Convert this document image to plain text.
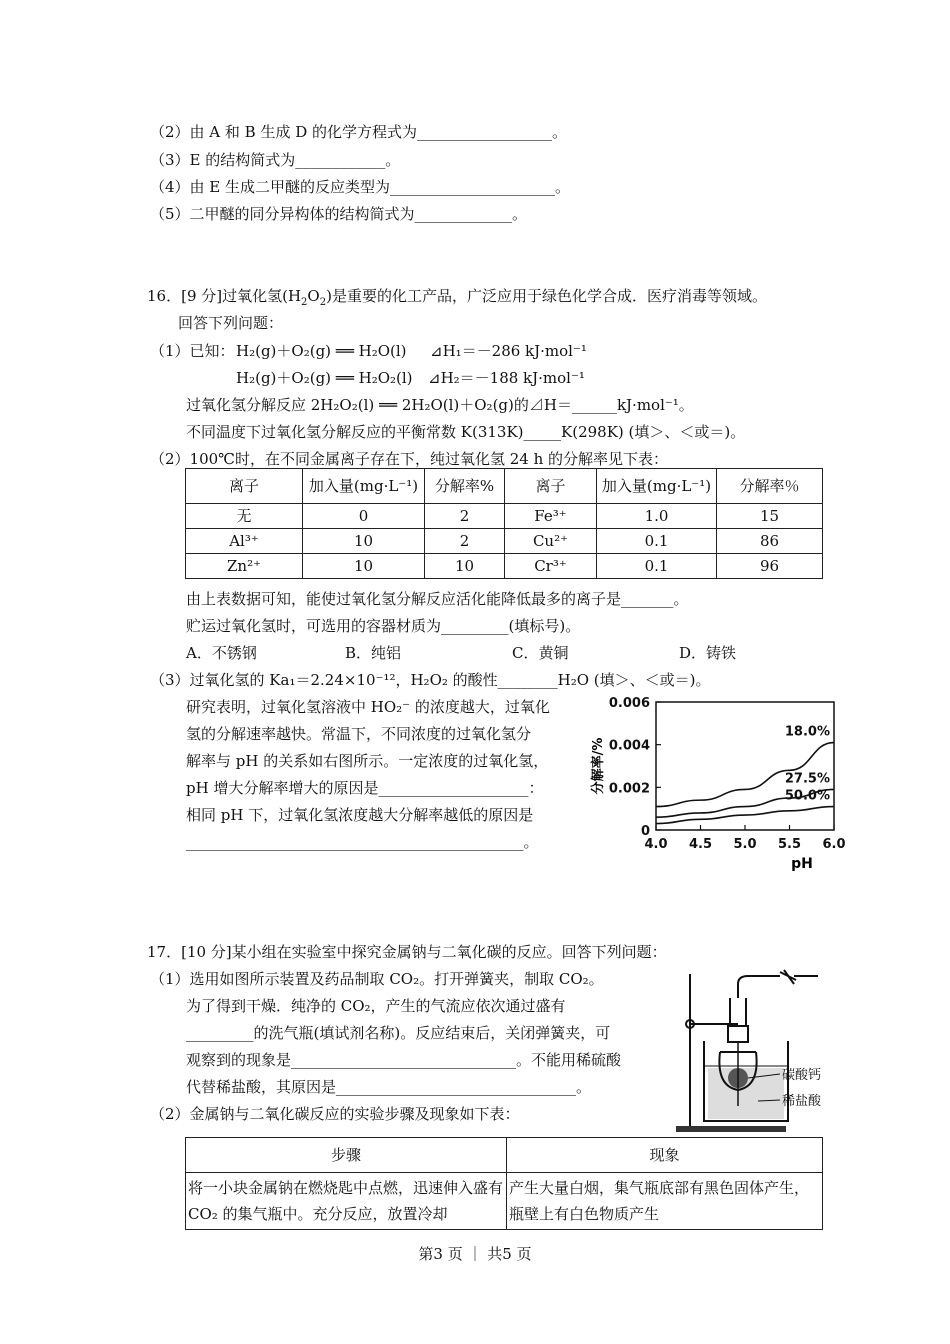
（2）由 A 和 B 生成 D 的化学方程式为__________________。
（3）E 的结构简式为____________。
（4）由 E 生成二甲醚的反应类型为______________________。
（5）二甲醚的同分异构体的结构简式为_____________。
16．[9 分]过氧化氢$(H_2O_2)$是重要的化工产品，广泛应用于绿色化学合成．医疗消毒等领域。
回答下列问题：
（1）已知： H₂(g)＋O₂(g) ══ H₂O(l) ⊿H₁＝－286 kJ·mol⁻¹
H₂(g)＋O₂(g) ══ H₂O₂(l) ⊿H₂＝－188 kJ·mol⁻¹
过氧化氢分解反应 2H₂O₂(l) ══ 2H₂O(l)＋O₂(g)的⊿H＝______kJ·mol⁻¹。
不同温度下过氧化氢分解反应的平衡常数 K(313K)_____K(298K) (填＞、＜或＝)。
（2）100℃时，在不同金属离子存在下，纯过氧化氢 24 h 的分解率见下表：
离子	加入量(mg·L⁻¹)	分解率%	离子	加入量(mg·L⁻¹)	分解率％
无	0	2	Fe³⁺	1.0	15
Al³⁺	10	2	Cu²⁺	0.1	86
Zn²⁺	10	10	Cr³⁺	0.1	96
由上表数据可知，能使过氧化氢分解反应活化能降低最多的离子是_______。
贮运过氧化氢时，可选用的容器材质为_________(填标号)。
A．不锈钢	B．纯铝	C．黄铜	D．铸铁
（3）过氧化氢的 Ka₁＝2.24×10⁻¹²，H₂O₂ 的酸性________H₂O (填＞、＜或＝)。
研究表明，过氧化氢溶液中 HO₂⁻ 的浓度越大，过氧化
氢的分解速率越快。常温下，不同浓度的过氧化氢分
解率与 pH 的关系如右图所示。一定浓度的过氧化氢，
pH 增大分解率增大的原因是____________________：
相同 pH 下，过氧化氢浓度越大分解率越低的原因是
_____________________________________________。
0
0.002
0.004
0.006
4.0 4.5 5.0 5.5 6.0
18.0%
27.5%
50.0%
分解率/%
pH
17．[10 分]某小组在实验室中探究金属钠与二氧化碳的反应。回答下列问题：
（1）选用如图所示装置及药品制取 CO₂。打开弹簧夹，制取 CO₂。
为了得到干燥．纯净的 CO₂，产生的气流应依次通过盛有
_________的洗气瓶(填试剂名称)。反应结束后，关闭弹簧夹，可
观察到的现象是______________________________。不能用稀硫酸
代替稀盐酸，其原因是________________________________。
（2）金属钠与二氧化碳反应的实验步骤及现象如下表：
碳酸钙
稀盐酸
步骤	现象
将一小块金属钠在燃烧匙中点燃，迅速伸入盛有 CO₂ 的集气瓶中。充分反应，放置冷却	产生大量白烟，集气瓶底部有黑色固体产生，瓶壁上有白色物质产生
第3 页 ｜ 共5 页
